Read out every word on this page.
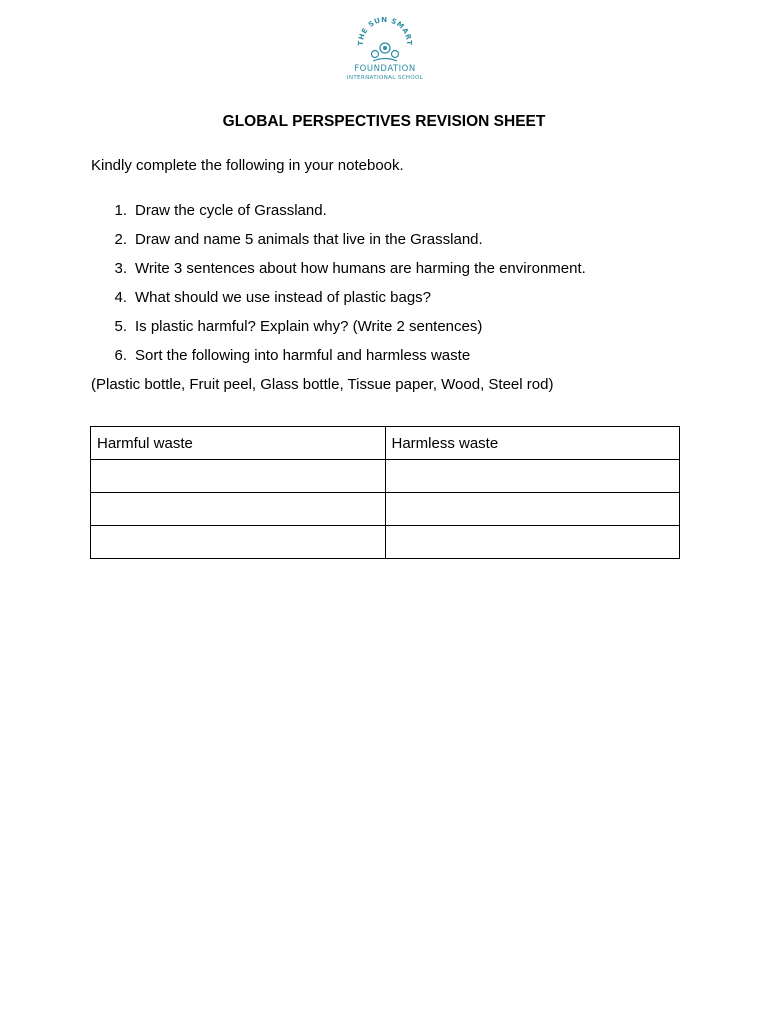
THE SUN SMART
FOUNDATION
INTERNATIONAL SCHOOL
GLOBAL PERSPECTIVES REVISION SHEET
Kindly complete the following in your notebook.
1. Draw the cycle of Grassland.
2. Draw and name 5 animals that live in the Grassland.
3. Write 3 sentences about how humans are harming the environment.
4. What should we use instead of plastic bags?
5. Is plastic harmful? Explain why? (Write 2 sentences)
6. Sort the following into harmful and harmless waste
(Plastic bottle, Fruit peel, Glass bottle, Tissue paper, Wood, Steel rod)
Harmful waste	Harmless waste
